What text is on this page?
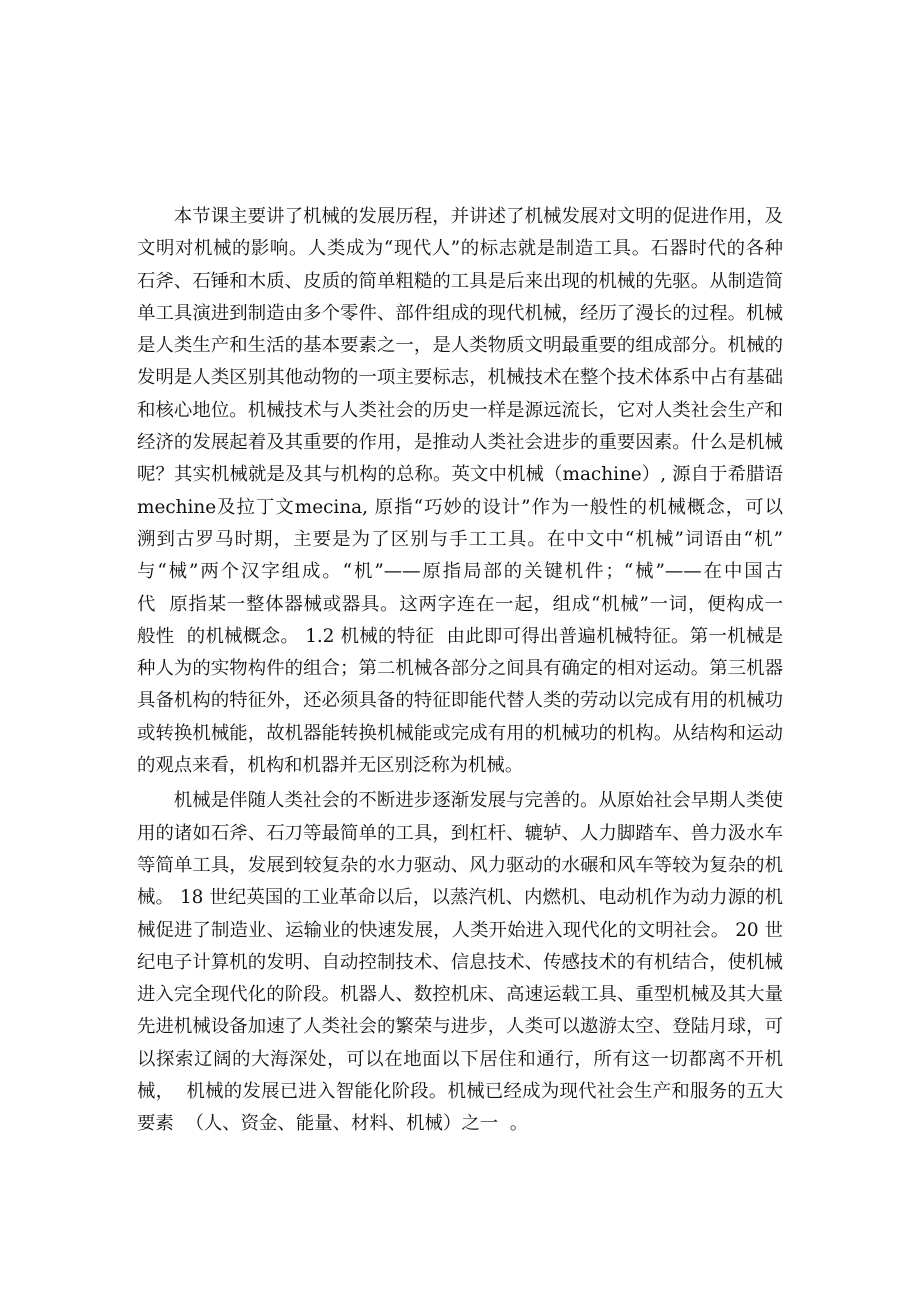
本节课主要讲了机械的发展历程，并讲述了机械发展对文明的促进作用，及
文明对机械的影响。人类成为“现代人”的标志就是制造工具。石器时代的各种
石斧、石锤和木质、皮质的简单粗糙的工具是后来出现的机械的先驱。从制造简
单工具演进到制造由多个零件、部件组成的现代机械，经历了漫长的过程。机械
是人类生产和生活的基本要素之一，是人类物质文明最重要的组成部分。机械的
发明是人类区别其他动物的一项主要标志，机械技术在整个技术体系中占有基础
和核心地位。机械技术与人类社会的历史一样是源远流长，它对人类社会生产和
经济的发展起着及其重要的作用，是推动人类社会进步的重要因素。什么是机械
呢？其实机械就是及其与机构的总称。英文中机械（machine）, 源自于希腊语
mechine及拉丁文mecina, 原指“巧妙的设计”作为一般性的机械概念，可以
溯到古罗马时期，主要是为了区别与手工工具。在中文中“机械”词语由“机”
与“械”两个汉字组成。“机”——原指局部的关键机件；“械”——在中国古
代  原指某一整体器械或器具。这两字连在一起，组成“机械”一词，便构成一
般性  的机械概念。 1.2 机械的特征  由此即可得出普遍机械特征。第一机械是
种人为的实物构件的组合；第二机械各部分之间具有确定的相对运动。第三机器
具备机构的特征外，还必须具备的特征即能代替人类的劳动以完成有用的机械功
或转换机械能，故机器能转换机械能或完成有用的机械功的机构。从结构和运动
的观点来看，机构和机器并无区别泛称为机械。
机械是伴随人类社会的不断进步逐渐发展与完善的。从原始社会早期人类使
用的诸如石斧、石刀等最简单的工具，到杠杆、辘轳、人力脚踏车、兽力汲水车
等简单工具，发展到较复杂的水力驱动、风力驱动的水碾和风车等较为复杂的机
械。 18 世纪英国的工业革命以后，以蒸汽机、内燃机、电动机作为动力源的机
械促进了制造业、运输业的快速发展，人类开始进入现代化的文明社会。 20 世
纪电子计算机的发明、自动控制技术、信息技术、传感技术的有机结合，使机械
进入完全现代化的阶段。机器人、数控机床、高速运载工具、重型机械及其大量
先进机械设备加速了人类社会的繁荣与进步，人类可以遨游太空、登陆月球，可
以探索辽阔的大海深处，可以在地面以下居住和通行，所有这一切都离不开机
械，  机械的发展已进入智能化阶段。机械已经成为现代社会生产和服务的五大
要素  （人、资金、能量、材料、机械）之一  。
